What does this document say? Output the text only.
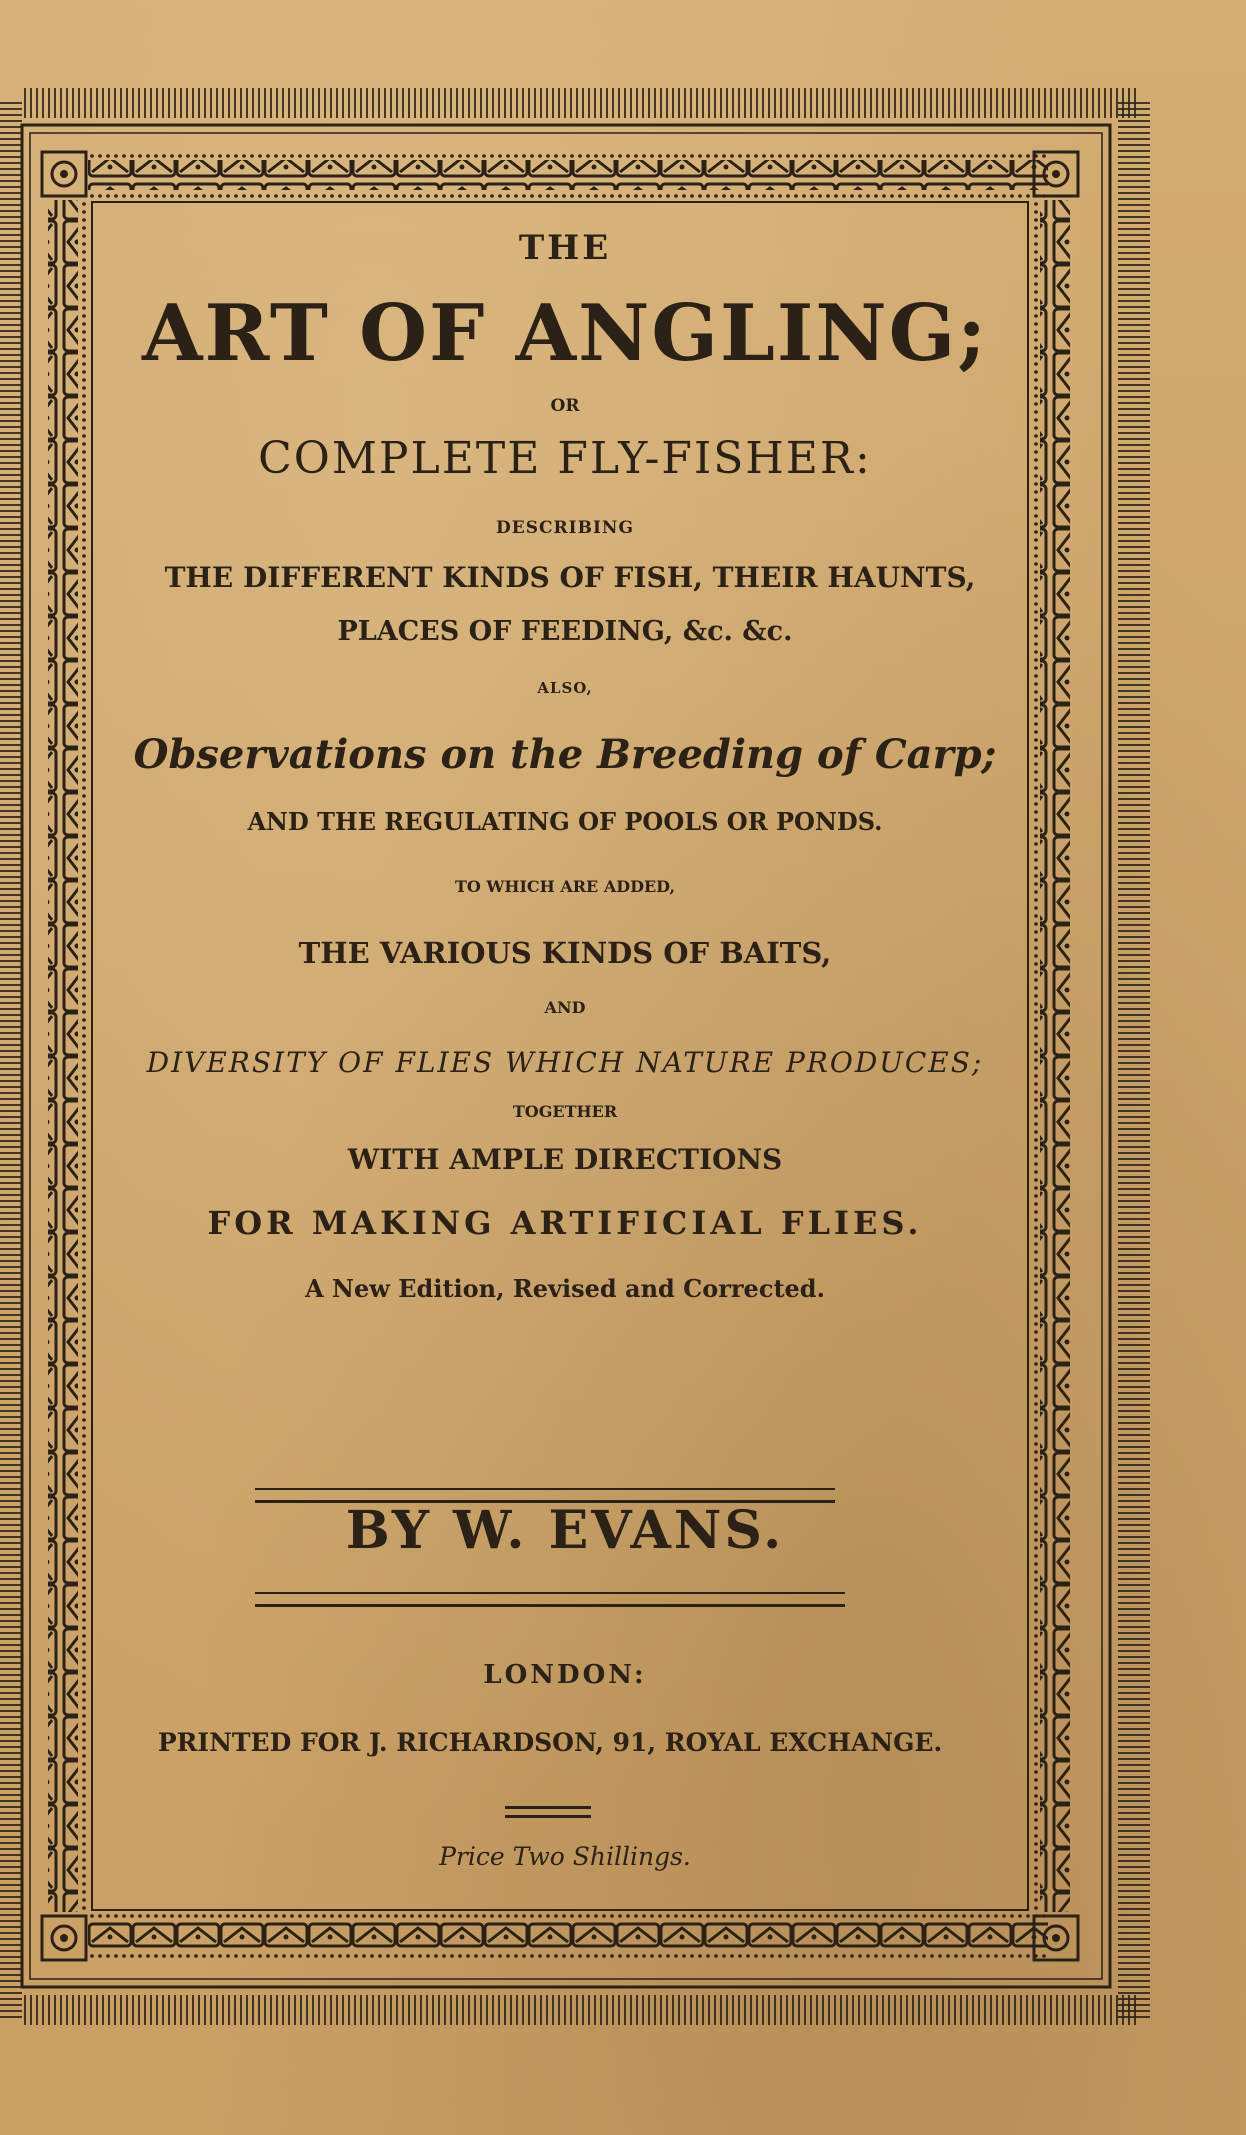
THE
ART OF ANGLING;
OR
COMPLETE FLY-FISHER:
DESCRIBING
THE DIFFERENT KINDS OF FISH, THEIR HAUNTS,
PLACES OF FEEDING, &c. &c.
ALSO,
Observations on the Breeding of Carp;
AND THE REGULATING OF POOLS OR PONDS.
TO WHICH ARE ADDED,
THE VARIOUS KINDS OF BAITS,
AND
DIVERSITY OF FLIES WHICH NATURE PRODUCES;
TOGETHER
WITH AMPLE DIRECTIONS
FOR MAKING ARTIFICIAL FLIES.
A New Edition, Revised and Corrected.
BY W. EVANS.
LONDON:
PRINTED FOR J. RICHARDSON, 91, ROYAL EXCHANGE.
Price Two Shillings.
